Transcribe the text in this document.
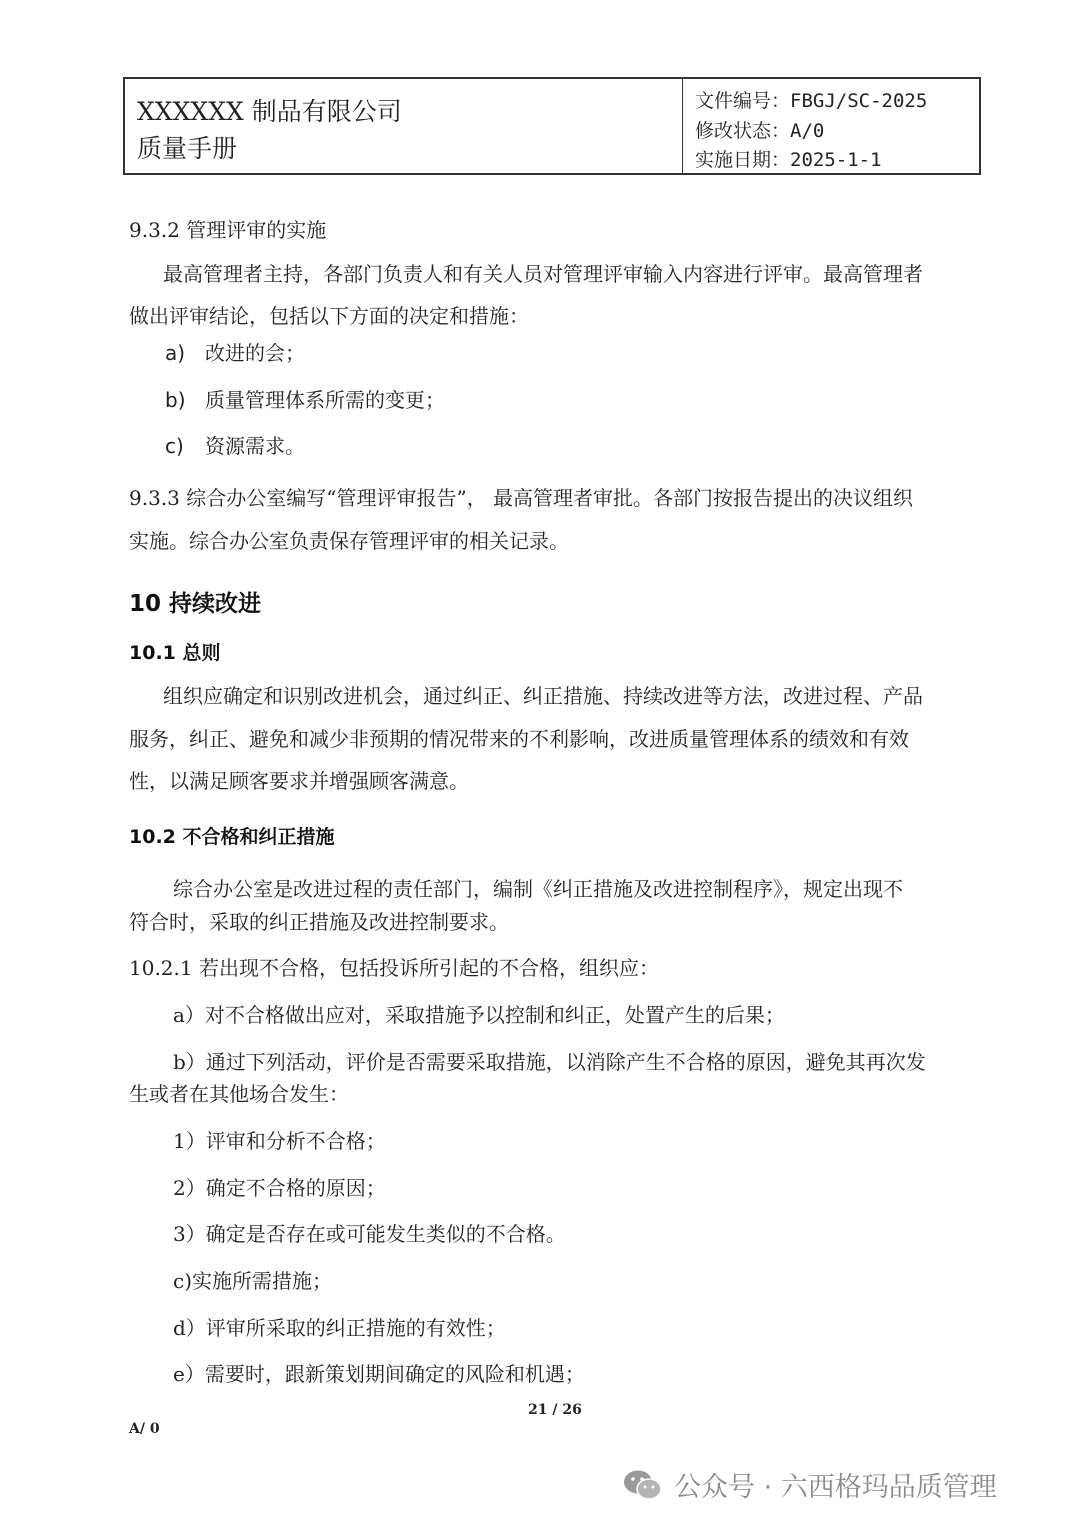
XXXXXX 制品有限公司
质量手册
文件编号：FBGJ/SC-2025
修改状态：A/0
实施日期：2025-1-1
9.3.2 管理评审的实施
最高管理者主持，各部门负责人和有关人员对管理评审输入内容进行评审。最高管理者
做出评审结论，包括以下方面的决定和措施：
a) 改进的会；
b) 质量管理体系所需的变更；
c) 资源需求。
9.3.3 综合办公室编写“管理评审报告”， 最高管理者审批。各部门按报告提出的决议组织
实施。综合办公室负责保存管理评审的相关记录。
10 持续改进
10.1 总则
组织应确定和识别改进机会，通过纠正、纠正措施、持续改进等方法，改进过程、产品
服务，纠正、避免和减少非预期的情况带来的不利影响，改进质量管理体系的绩效和有效
性，以满足顾客要求并增强顾客满意。
10.2 不合格和纠正措施
综合办公室是改进过程的责任部门，编制《纠正措施及改进控制程序》，规定出现不
符合时，采取的纠正措施及改进控制要求。
10.2.1 若出现不合格，包括投诉所引起的不合格，组织应：
a）对不合格做出应对，采取措施予以控制和纠正，处置产生的后果；
b）通过下列活动，评价是否需要采取措施，以消除产生不合格的原因，避免其再次发
生或者在其他场合发生：
1）评审和分析不合格；
2）确定不合格的原因；
3）确定是否存在或可能发生类似的不合格。
c)实施所需措施；
d）评审所采取的纠正措施的有效性；
e）需要时，跟新策划期间确定的风险和机遇；
21 / 26
A/ 0
公众号 · 六西格玛品质管理
